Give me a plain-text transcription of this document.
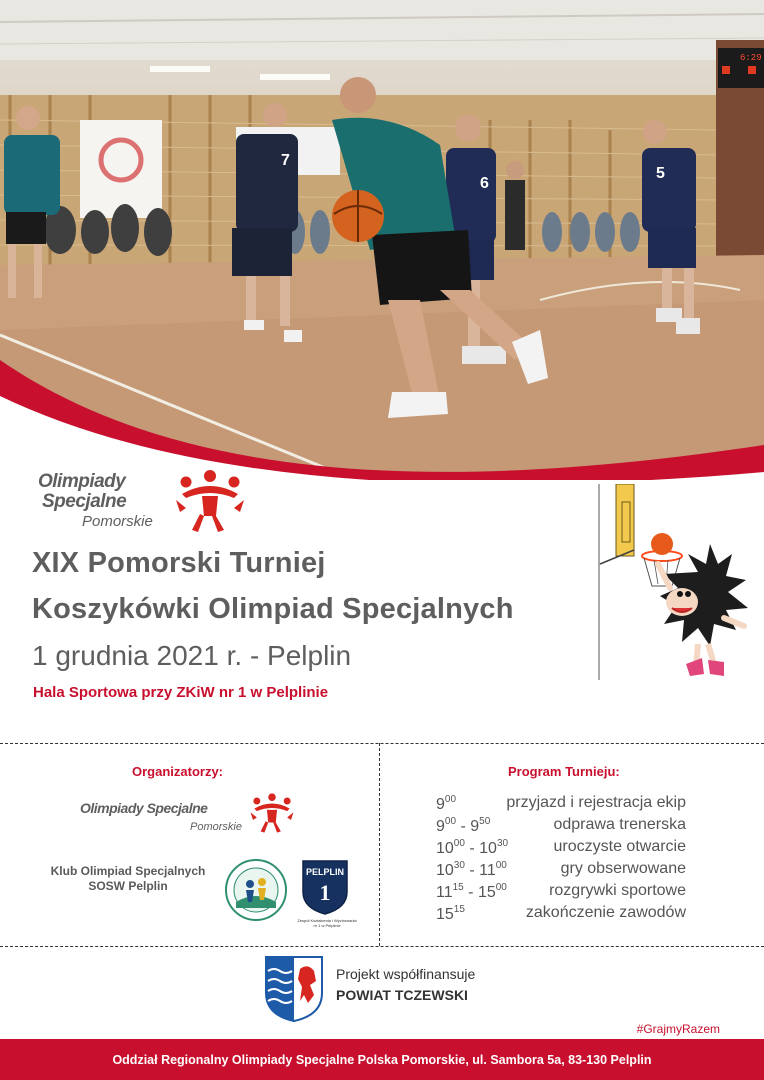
6:29
7
6
5
Olimpiady
Specjalne
Pomorskie
XIX Pomorski Turniej
Koszykówki Olimpiad Specjalnych
1 grudnia 2021 r. - Pelplin
Hala Sportowa przy ZKiW nr 1 w Pelplinie
Organizatorzy:
Olimpiady Specjalne
Pomorskie
Klub Olimpiad Specjalnych
SOSW Pelplin
PELPLIN
1
Zespół Kształcenia i Wychowania nr 1 w Pelplinie
Program Turnieju:
$9^{00}$	przyjazd i rejestracja ekip
$9^{00} - 9^{50}$	odprawa trenerska
$10^{00} - 10^{30}$	uroczyste otwarcie
$10^{30} - 11^{00}$	gry obserwowane
$11^{15} - 15^{00}$	rozgrywki sportowe
$15^{15}$	zakończenie zawodów
Projekt współfinansuje
POWIAT TCZEWSKI
#GrajmyRazem
Oddział Regionalny Olimpiady Specjalne Polska Pomorskie, ul. Sambora 5a, 83-130 Pelplin
